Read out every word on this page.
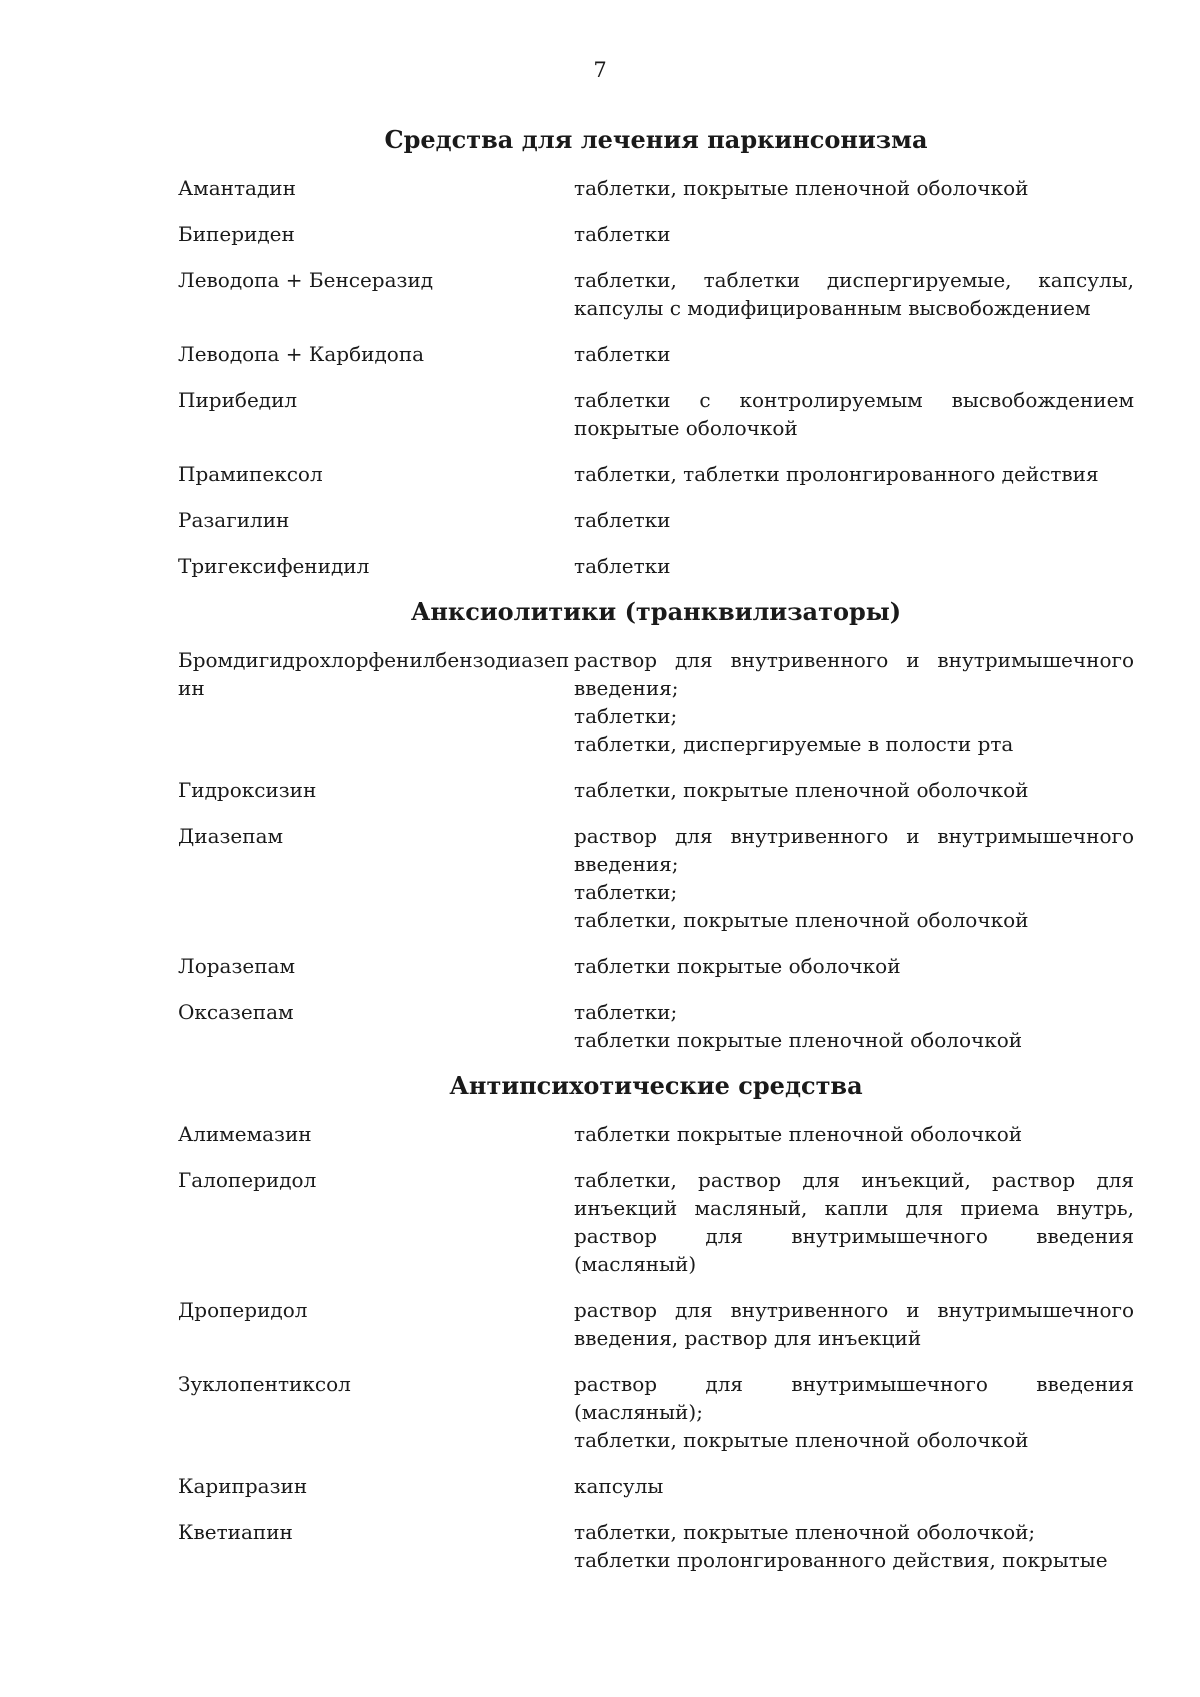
7
Средства для лечения паркинсонизма
Амантадин	таблетки, покрытые пленочной оболочкой
Бипериден	таблетки
Леводопа + Бенсеразид	таблетки, таблетки диспергируемые, капсулы, капсулы с модифицированным высвобождением
Леводопа + Карбидопа	таблетки
Пирибедил	таблетки с контролируемым высвобождением покрытые оболочкой
Прамипексол	таблетки, таблетки пролонгированного действия
Разагилин	таблетки
Тригексифенидил	таблетки
Анксиолитики (транквилизаторы)
Бромдигидрохлорфенилбензодиазепин
раствор для внутривенного и внутримышечного введения;
таблетки;
таблетки, диспергируемые в полости рта
Гидроксизин	таблетки, покрытые пленочной оболочкой
Диазепам	раствор для внутривенного и внутримышечного введения;
таблетки;
таблетки, покрытые пленочной оболочкой
Лоразепам	таблетки покрытые оболочкой
Оксазепам	таблетки;
таблетки покрытые пленочной оболочкой
Антипсихотические средства
Алимемазин	таблетки покрытые пленочной оболочкой
Галоперидол	таблетки, раствор для инъекций, раствор для инъекций масляный, капли для приема внутрь, раствор для внутримышечного введения (масляный)
Дроперидол	раствор для внутривенного и внутримышечного введения, раствор для инъекций
Зуклопентиксол	раствор для внутримышечного введения (масляный);
таблетки, покрытые пленочной оболочкой
Карипразин	капсулы
Кветиапин	таблетки, покрытые пленочной оболочкой;
таблетки пролонгированного действия, покрытые
